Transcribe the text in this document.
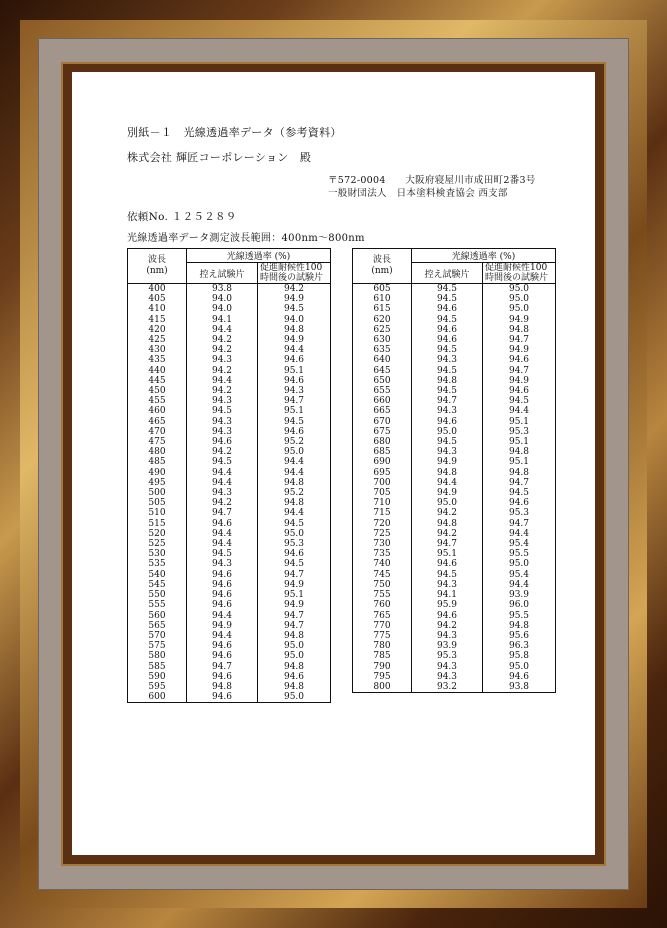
別紙－１　光線透過率データ（参考資料）
株式会社 輝匠コーポレーション　殿
〒572-0004　　大阪府寝屋川市成田町2番3号
一般財団法人　日本塗料検査協会 西支部
依頼No. １２５２８９
光線透過率データ測定波長範囲：400nm～800nm
波長
(nm)	光線透過率 (%)	
	控え試験片	促進耐候性100時間後の試験片
400	93.8	94.2
405	94.0	94.9
410	94.0	94.5
415	94.1	94.0
420	94.4	94.8
425	94.2	94.9
430	94.2	94.4
435	94.3	94.6
440	94.2	95.1
445	94.4	94.6
450	94.2	94.3
455	94.3	94.7
460	94.5	95.1
465	94.3	94.5
470	94.3	94.6
475	94.6	95.2
480	94.2	95.0
485	94.5	94.4
490	94.4	94.4
495	94.4	94.8
500	94.3	95.2
505	94.2	94.8
510	94.7	94.4
515	94.6	94.5
520	94.4	95.0
525	94.4	95.3
530	94.5	94.6
535	94.3	94.5
540	94.6	94.7
545	94.6	94.9
550	94.6	95.1
555	94.6	94.9
560	94.4	94.7
565	94.9	94.7
570	94.4	94.8
575	94.6	95.0
580	94.6	95.0
585	94.7	94.8
590	94.6	94.6
595	94.8	94.8
600	94.6	95.0
波長
(nm)	光線透過率 (%)	
	控え試験片	促進耐候性100時間後の試験片
605	94.5	95.0
610	94.5	95.0
615	94.6	95.0
620	94.5	94.9
625	94.6	94.8
630	94.6	94.7
635	94.5	94.9
640	94.3	94.6
645	94.5	94.7
650	94.8	94.9
655	94.5	94.6
660	94.7	94.5
665	94.3	94.4
670	94.6	95.1
675	95.0	95.3
680	94.5	95.1
685	94.3	94.8
690	94.9	95.1
695	94.8	94.8
700	94.4	94.7
705	94.9	94.5
710	95.0	94.6
715	94.2	95.3
720	94.8	94.7
725	94.2	94.4
730	94.7	95.4
735	95.1	95.5
740	94.6	95.0
745	94.5	95.4
750	94.3	94.4
755	94.1	93.9
760	95.9	96.0
765	94.6	95.5
770	94.2	94.8
775	94.3	95.6
780	93.9	96.3
785	95.3	95.8
790	94.3	95.0
795	94.3	94.6
800	93.2	93.8
